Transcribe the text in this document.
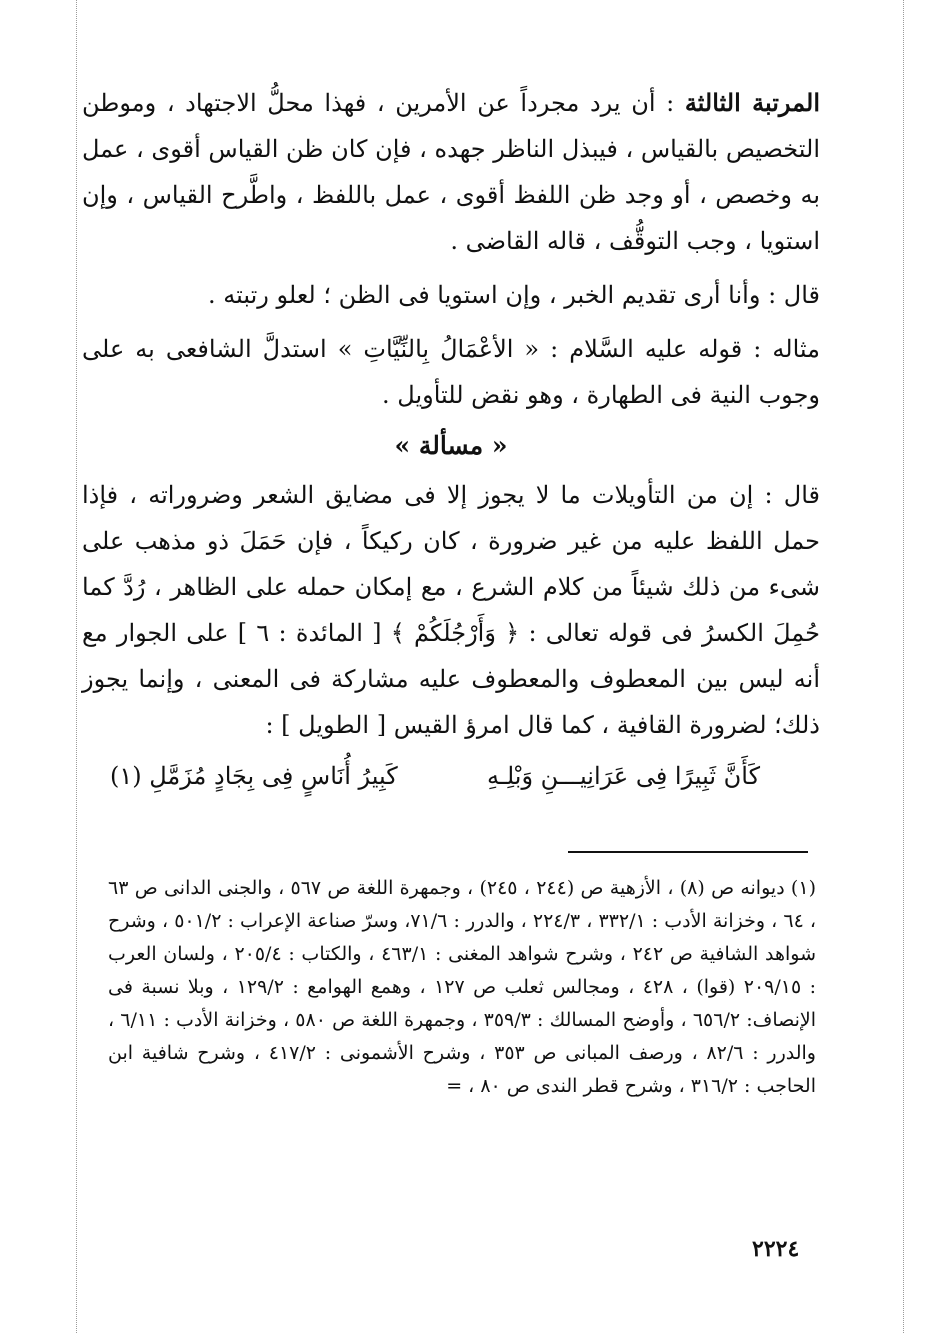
المرتبة الثالثة : أن يرد مجرداً عن الأمرين ، فهذا محلُّ الاجتهاد ، وموطن التخصيص بالقياس ، فيبذل الناظر جهده ، فإن كان ظن القياس أقوى ، عمل به وخصص ، أو وجد ظن اللفظ أقوى ، عمل باللفظ ، واطَّرح القياس ، وإن استويا ، وجب التوقُّف ، قاله القاضى .

قال : وأنا أرى تقديم الخبر ، وإن استويا فى الظن ؛ لعلو رتبته .

مثاله : قوله عليه السَّلام : « الأعْمَالُ بِالنِّيَّاتِ » استدلَّ الشافعى به على وجوب النية فى الطهارة ، وهو نقض للتأويل .

« مسألة »

قال : إن من التأويلات ما لا يجوز إلا فى مضايق الشعر وضروراته ، فإذا حمل اللفظ عليه من غير ضرورة ، كان ركيكاً ، فإن حَمَلَ ذو مذهب على شىء من ذلك شيئاً من كلام الشرع ، مع إمكان حمله على الظاهر ، رُدَّ كما حُمِلَ الكسرُ فى قوله تعالى : ﴿ وَأَرْجُلَكُمْ ﴾ [ المائدة : ٦ ] على الجوار مع أنه ليس بين المعطوف والمعطوف عليه مشاركة فى المعنى ، وإنما يجوز ذلك؛ لضرورة القافية ، كما قال امرؤ القيس [ الطويل ] :

كَأَنَّ ثَبِيرًا فِى عَرَانِيـــنِ وَبْلِـهِ
كَبِيرُ أُنَاسٍ فِى بِجَادٍ مُزَمَّلِ (١)

(١) ديوانه ص (٨) ، الأزهية ص (٢٤٤ ، ٢٤٥) ، وجمهرة اللغة ص ٥٦٧ ، والجنى الدانى ص ٦٣ ، ٦٤ ، وخزانة الأدب : ٣٣٢/١ ، ٢٢٤/٣ ، والدرر : ٧١/٦، وسرّ صناعة الإعراب : ٥٠١/٢ ، وشرح شواهد الشافية ص ٢٤٢ ، وشرح شواهد المغنى : ٤٦٣/١ ، والكتاب : ٢٠٥/٤ ، ولسان العرب : ٢٠٩/١٥ (قوا) ، ٤٢٨ ، ومجالس ثعلب ص ١٢٧ ، وهمع الهوامع : ١٢٩/٢ ، وبلا نسبة فى الإنصاف: ٦٥٦/٢ ، وأوضح المسالك : ٣٥٩/٣ ، وجمهرة اللغة ص ٥٨٠ ، وخزانة الأدب : ٦/١١ ، والدرر : ٨٢/٦ ، ورصف المبانى ص ٣٥٣ ، وشرح الأشمونى : ٤١٧/٢ ، وشرح شافية ابن الحاجب : ٣١٦/٢ ، وشرح قطر الندى ص ٨٠ ، =

٢٢٢٤
